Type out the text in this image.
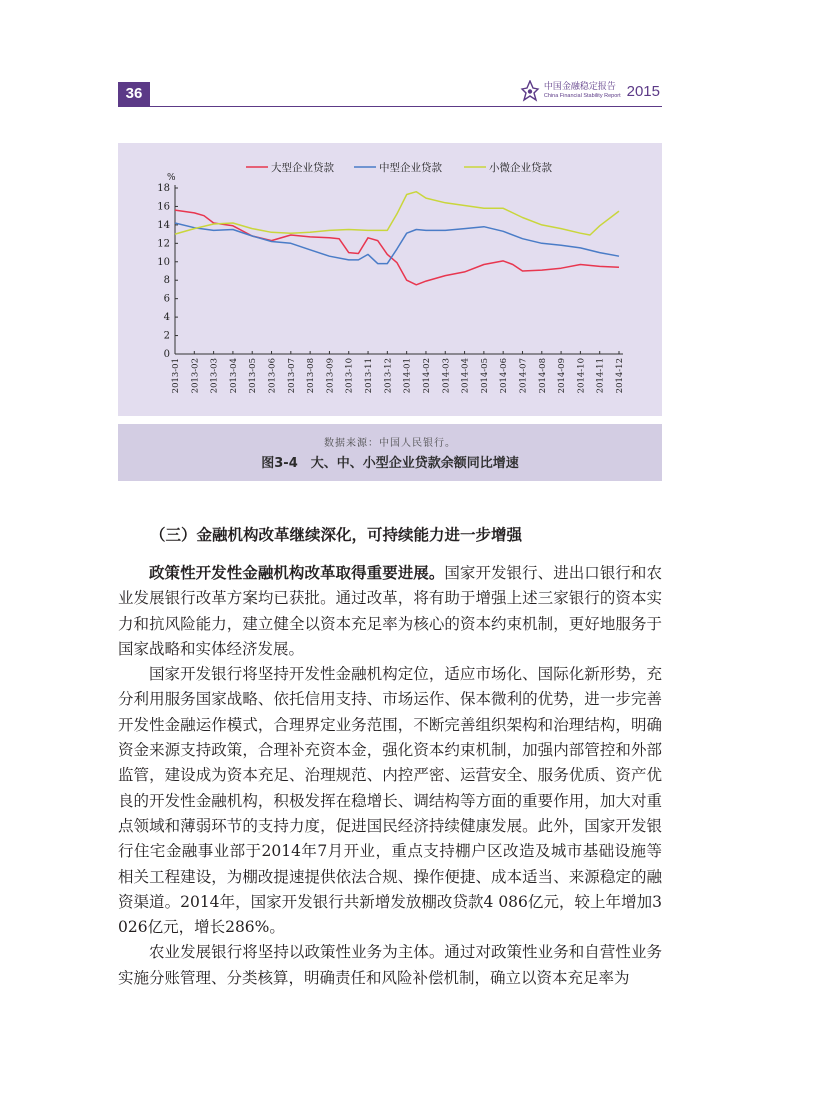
36	中国金融稳定报告
China Financial Stability Report 2015
大型企业贷款	中型企业贷款	小微企业贷款
%
0
2
4
6
8
10
12
14
16
18
2013-01 2013-02 2013-03 2013-04 2013-05 2013-06 2013-07 2013-08 2013-09 2013-10 2013-11 2013-12 2014-01 2014-02 2014-03 2014-04 2014-05 2014-06 2014-07 2014-08 2014-09 2014-10 2014-11 2014-12
数据来源：中国人民银行。
图3-4　大、中、小型企业贷款余额同比增速
（三）金融机构改革继续深化，可持续能力进一步增强

政策性开发性金融机构改革取得重要进展。国家开发银行、进出口银行和农业发展银行改革方案均已获批。通过改革，将有助于增强上述三家银行的资本实力和抗风险能力，建立健全以资本充足率为核心的资本约束机制，更好地服务于国家战略和实体经济发展。

国家开发银行将坚持开发性金融机构定位，适应市场化、国际化新形势，充分利用服务国家战略、依托信用支持、市场运作、保本微利的优势，进一步完善开发性金融运作模式，合理界定业务范围，不断完善组织架构和治理结构，明确资金来源支持政策，合理补充资本金，强化资本约束机制，加强内部管控和外部监管，建设成为资本充足、治理规范、内控严密、运营安全、服务优质、资产优良的开发性金融机构，积极发挥在稳增长、调结构等方面的重要作用，加大对重点领域和薄弱环节的支持力度，促进国民经济持续健康发展。此外，国家开发银行住宅金融事业部于2014年7月开业，重点支持棚户区改造及城市基础设施等相关工程建设，为棚改提速提供依法合规、操作便捷、成本适当、来源稳定的融资渠道。2014年，国家开发银行共新增发放棚改贷款4 086亿元，较上年增加3 026亿元，增长286%。

农业发展银行将坚持以政策性业务为主体。通过对政策性业务和自营性业务实施分账管理、分类核算，明确责任和风险补偿机制，确立以资本充足率为
